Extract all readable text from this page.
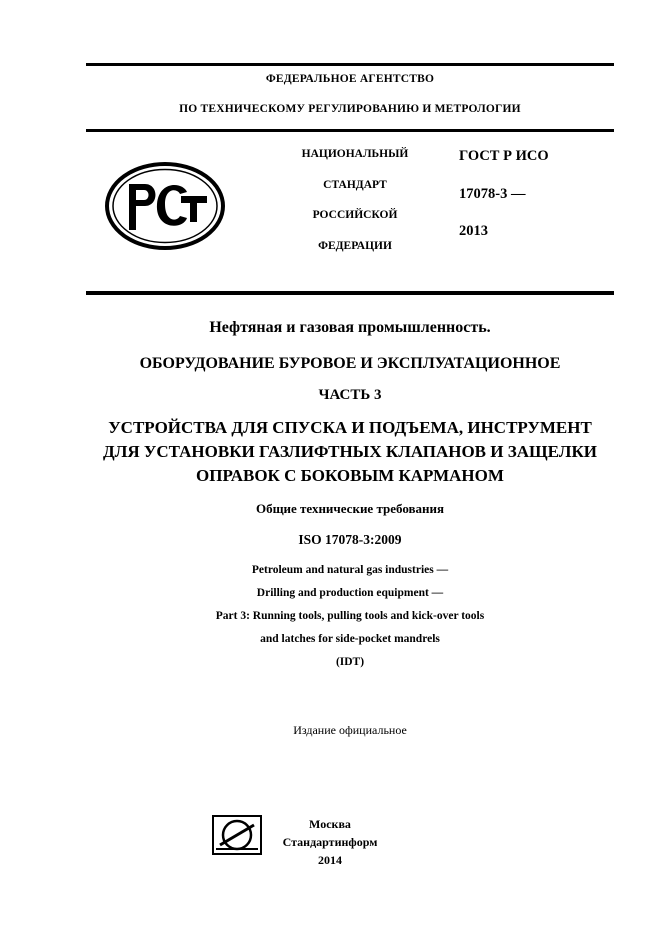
ФЕДЕРАЛЬНОЕ АГЕНТСТВО
ПО ТЕХНИЧЕСКОМУ РЕГУЛИРОВАНИЮ И МЕТРОЛОГИИ
НАЦИОНАЛЬНЫЙ
СТАНДАРТ
РОССИЙСКОЙ
ФЕДЕРАЦИИ
ГОСТ Р ИСО
17078-3 —
2013
Нефтяная и газовая промышленность.
ОБОРУДОВАНИЕ БУРОВОЕ И ЭКСПЛУАТАЦИОННОЕ
ЧАСТЬ 3
УСТРОЙСТВА ДЛЯ СПУСКА И ПОДЪЕМА, ИНСТРУМЕНТ
ДЛЯ УСТАНОВКИ ГАЗЛИФТНЫХ КЛАПАНОВ И ЗАЩЕЛКИ
ОПРАВОК С БОКОВЫМ КАРМАНОМ
Общие технические требования
ISO 17078-3:2009
Petroleum and natural gas industries —
Drilling and production equipment —
Part 3: Running tools, pulling tools and kick-over tools
and latches for side-pocket mandrels
(IDT)
Издание официальное
Москва
Стандартинформ
2014
